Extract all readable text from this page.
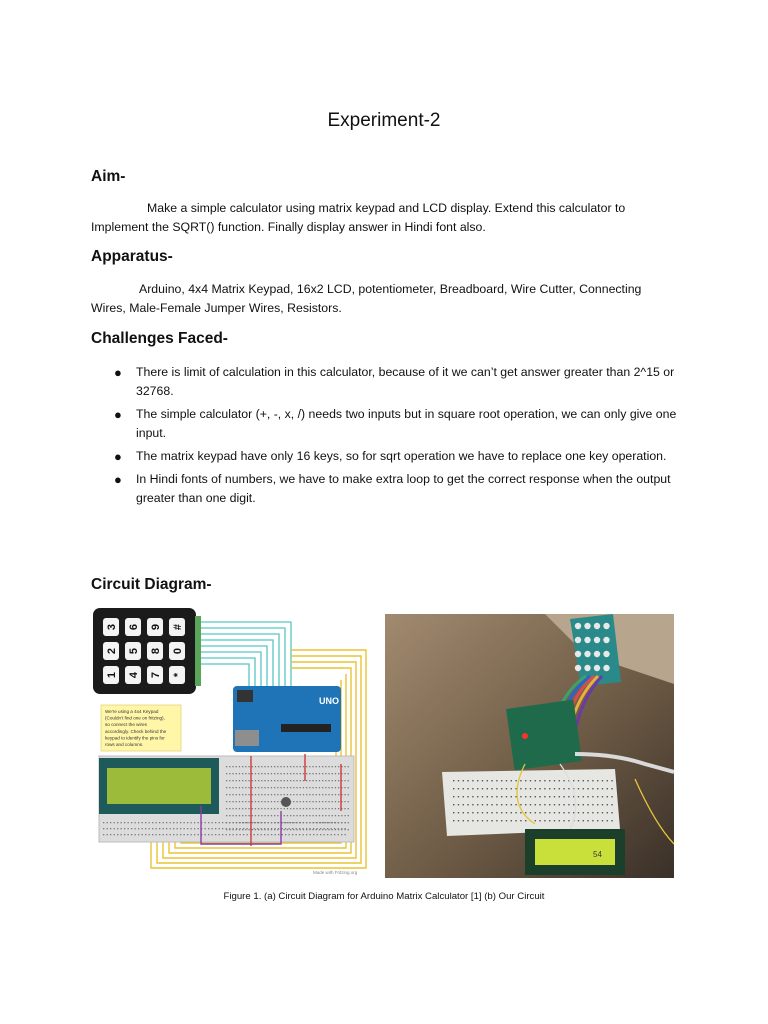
Experiment-2
Aim-
Make a simple calculator using matrix keypad and LCD display. Extend this calculator to Implement the SQRT() function. Finally display answer in Hindi font also.
Apparatus-
Arduino, 4x4 Matrix Keypad, 16x2 LCD, potentiometer, Breadboard, Wire Cutter, Connecting Wires, Male-Female Jumper Wires, Resistors.
Challenges Faced-
● There is limit of calculation in this calculator, because of it we can’t get answer greater than 2^15 or 32768.
● The simple calculator (+, -, x, /) needs two inputs but in square root operation, we can only give one input.
● The matrix keypad have only 16 keys, so for sqrt operation we have to replace one key operation.
● In Hindi fonts of numbers, we have to make extra loop to get the correct response when the output greater than one digit.
Circuit Diagram-
3 6 9 #
2 5 8 0
1 4 7 *
We're using a 4x4 Keypad
(Couldn't find one on fritzing),
so connect the wires
accordingly. Check behind the
keypad to identify the pins for
rows and columns.
UNO
Made with Fritzing.org
54
Figure 1. (a) Circuit Diagram for Arduino Matrix Calculator [1] (b) Our Circuit
